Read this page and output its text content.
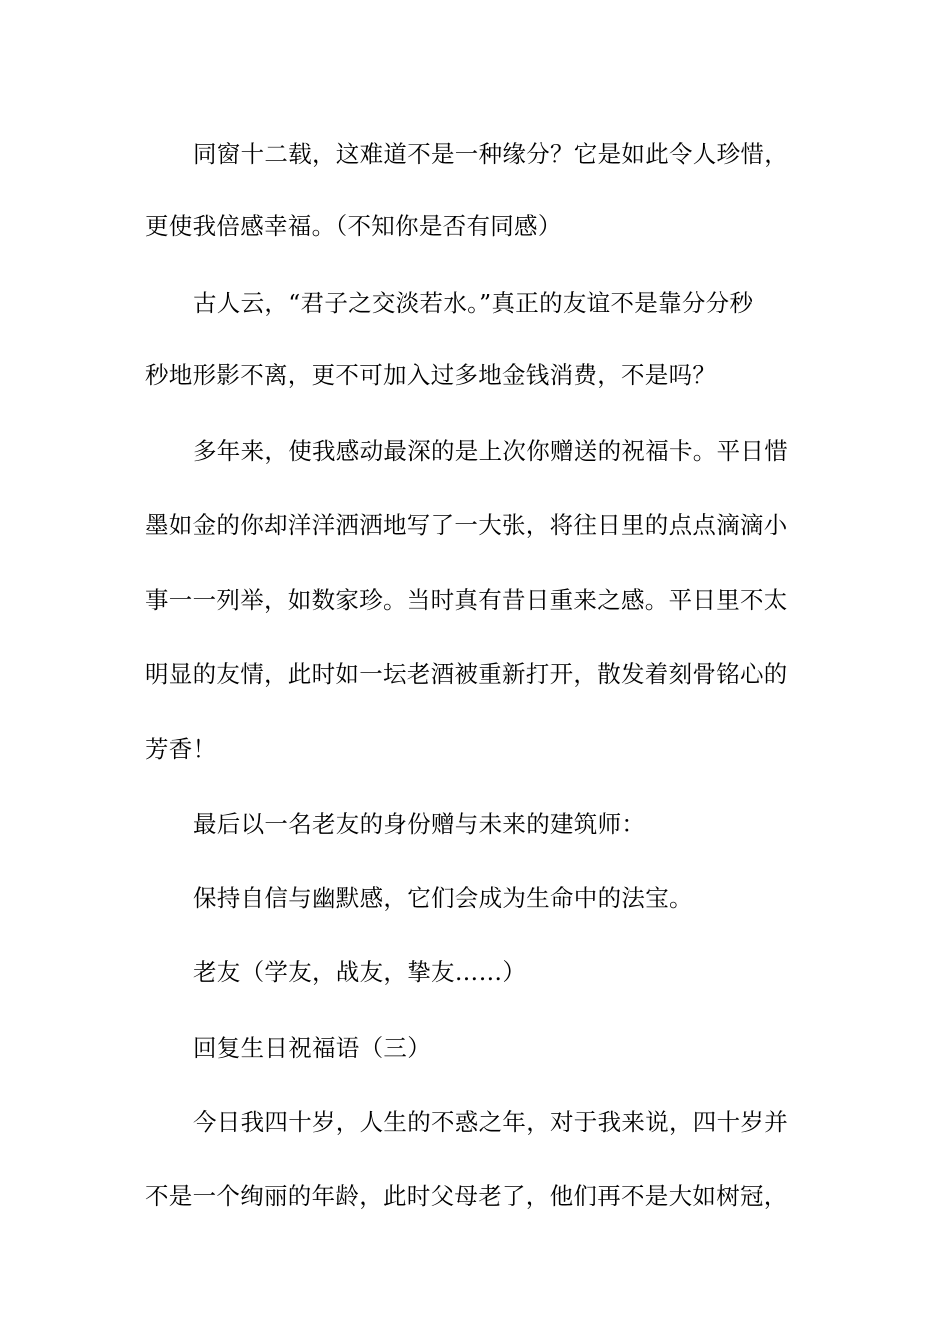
同窗十二载，这难道不是一种缘分？它是如此令人珍惜，
更使我倍感幸福。（不知你是否有同感）
古人云，“君子之交淡若水。”真正的友谊不是靠分分秒
秒地形影不离，更不可加入过多地金钱消费，不是吗？
多年来，使我感动最深的是上次你赠送的祝福卡。平日惜
墨如金的你却洋洋洒洒地写了一大张，将往日里的点点滴滴小
事一一列举，如数家珍。当时真有昔日重来之感。平日里不太
明显的友情，此时如一坛老酒被重新打开，散发着刻骨铭心的
芳香！
最后以一名老友的身份赠与未来的建筑师：
保持自信与幽默感，它们会成为生命中的法宝。
老友（学友，战友，挚友……）
回复生日祝福语（三）
今日我四十岁，人生的不惑之年，对于我来说，四十岁并
不是一个绚丽的年龄，此时父母老了，他们再不是大如树冠，
